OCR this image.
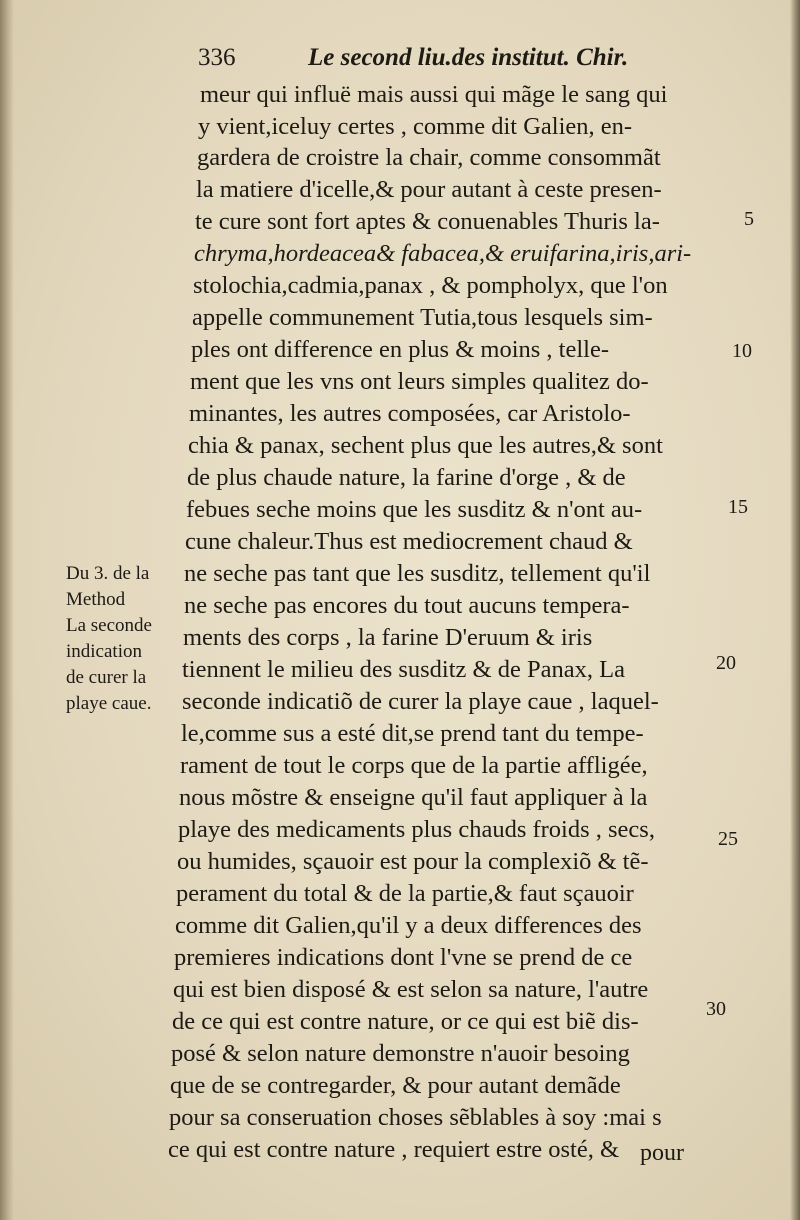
336	Le second liu.des institut. Chir.
meur qui influë mais aussi qui mãge le sang qui
y vient,iceluy certes , comme dit Galien, en-
gardera de croistre la chair, comme consommãt
la matiere d'icelle,& pour autant à ceste presen-
te cure sont fort aptes & conuenables Thuris la-
chryma,hordeacea& fabacea,& eruifarina,iris,ari-
stolochia,cadmia,panax , & pompholyx, que l'on
appelle communement Tutia,tous lesquels sim-
ples ont difference en plus & moins , telle-
ment que les vns ont leurs simples qualitez do-
minantes, les autres composées, car Aristolo-
chia & panax, sechent plus que les autres,& sont
de plus chaude nature, la farine d'orge , & de
febues seche moins que les susditz & n'ont au-
cune chaleur.Thus est mediocrement chaud &
ne seche pas tant que les susditz, tellement qu'il
ne seche pas encores du tout aucuns tempera-
ments des corps , la farine D'eruum & iris
tiennent le milieu des susditz & de Panax, La
seconde indicatiõ de curer la playe caue , laquel-
le,comme sus a esté dit,se prend tant du tempe-
rament de tout le corps que de la partie affligée,
nous mõstre & enseigne qu'il faut appliquer à la
playe des medicaments plus chauds froids , secs,
ou humides, sçauoir est pour la complexiõ & tẽ-
perament du total & de la partie,& faut sçauoir
comme dit Galien,qu'il y a deux differences des
premieres indications dont l'vne se prend de ce
qui est bien disposé & est selon sa nature, l'autre
de ce qui est contre nature, or ce qui est biẽ dis-
posé & selon nature demonstre n'auoir besoing
que de se contregarder, & pour autant demãde
pour sa conseruation choses sẽblables à soy :mai s
ce qui est contre nature , requiert estre osté, & pour
Du 3. de la
Method
La seconde
indication
de curer la
playe caue.
5
10
15
20
25
30
